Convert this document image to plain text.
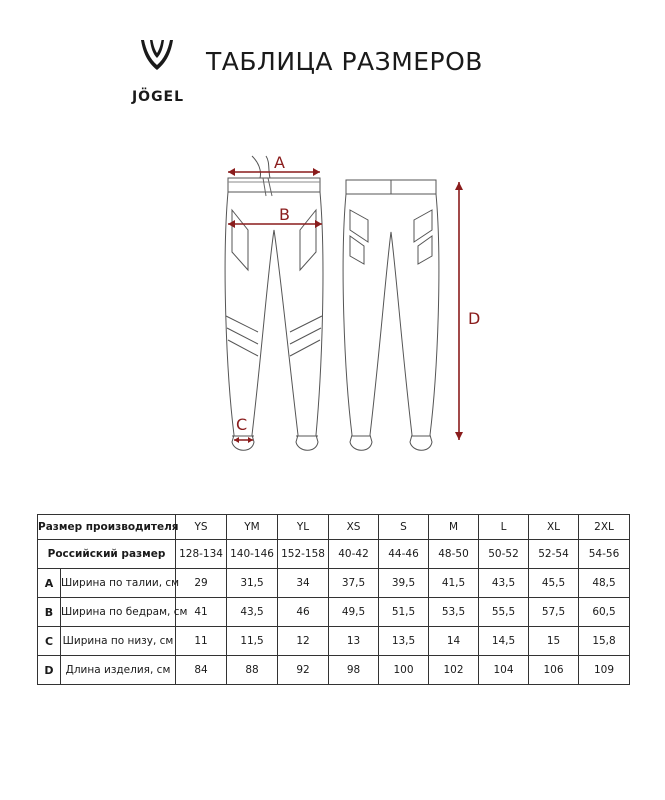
JÖGEL
ТАБЛИЦА РАЗМЕРОВ
A
B
C
D
Размер производителя		YS	YM	YL	XS	S	M	L	XL	2XL
Российский размер		128-134	140-146	152-158	40-42	44-46	48-50	50-52	52-54	54-56
A	Ширина по талии, см	29	31,5	34	37,5	39,5	41,5	43,5	45,5	48,5
B	Ширина по бедрам, см	41	43,5	46	49,5	51,5	53,5	55,5	57,5	60,5
C	Ширина по низу, см	11	11,5	12	13	13,5	14	14,5	15	15,8
D	Длина изделия, см	84	88	92	98	100	102	104	106	109
